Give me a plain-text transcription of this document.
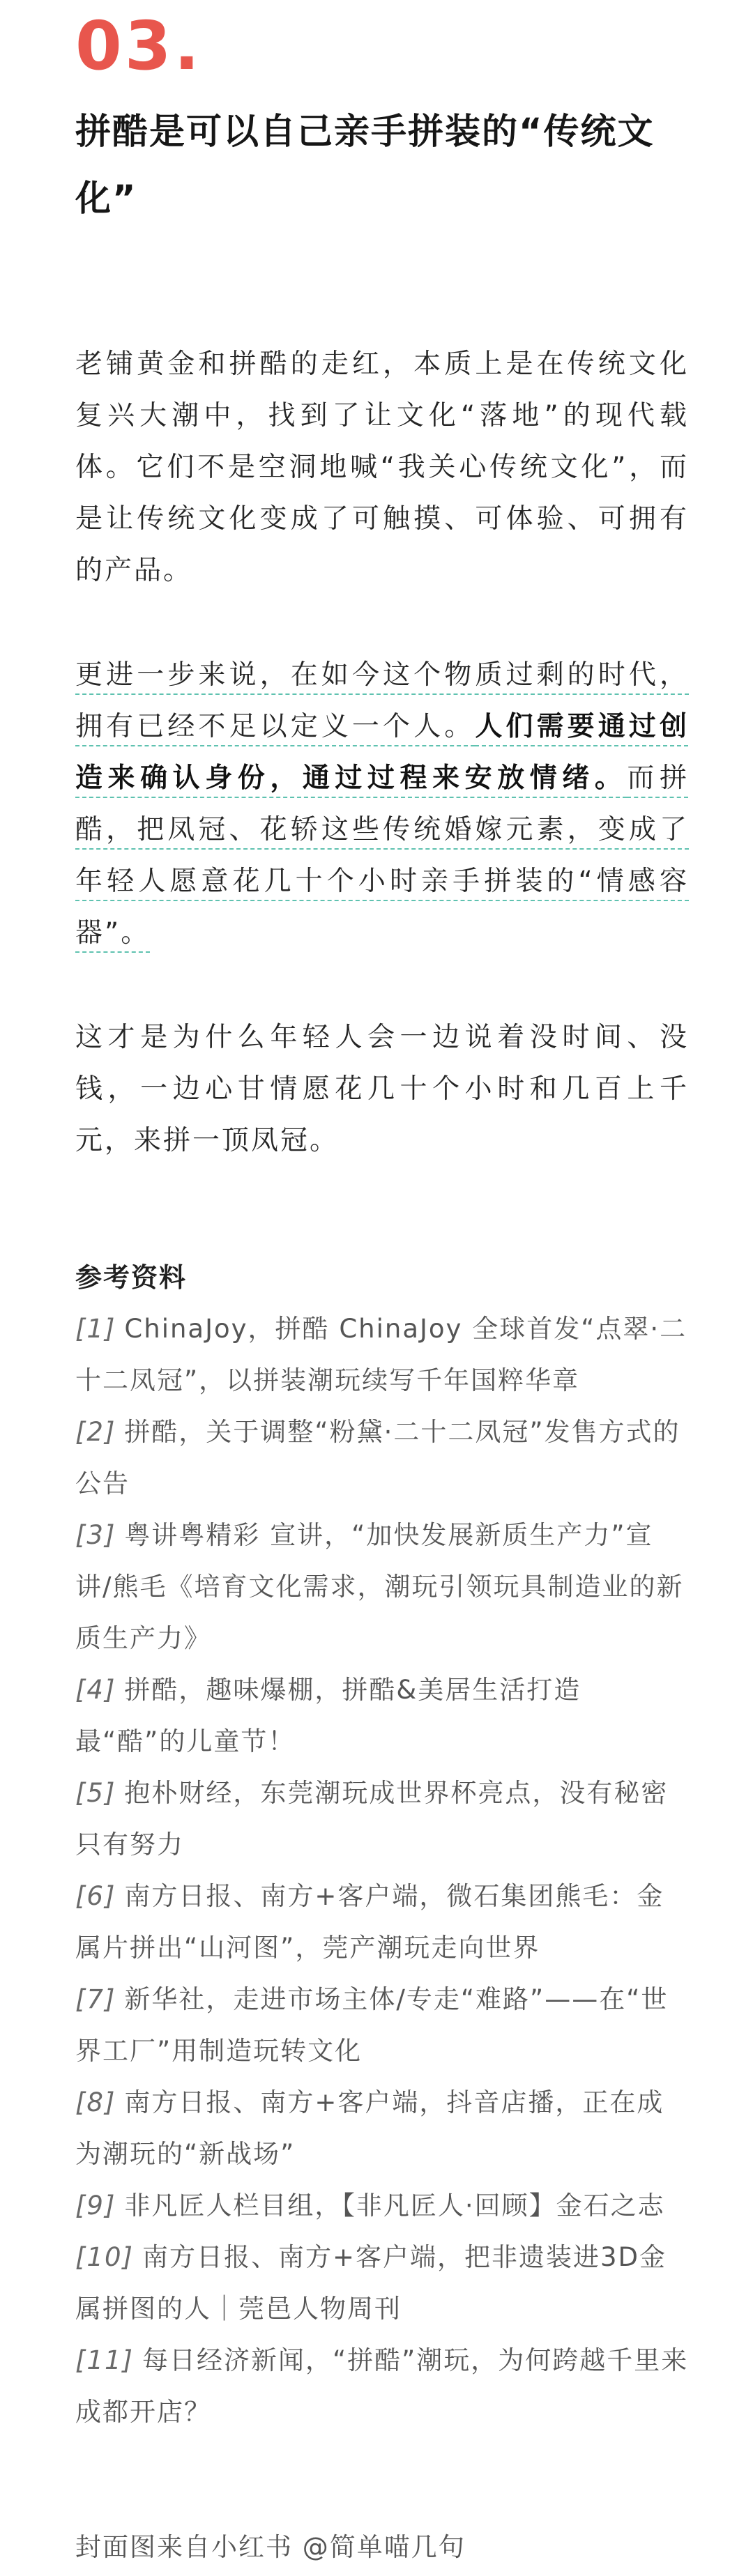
03.
拼酷是可以自己亲手拼装的“传统文化”

老铺黄金和拼酷的走红，本质上是在传统文化复兴大潮中，找到了让文化“落地”的现代载体。它们不是空洞地喊“我关心传统文化”，而是让传统文化变成了可触摸、可体验、可拥有的产品。

更进一步来说，在如今这个物质过剩的时代，拥有已经不足以定义一个人。人们需要通过创造来确认身份，通过过程来安放情绪。而拼酷，把凤冠、花轿这些传统婚嫁元素，变成了年轻人愿意花几十个小时亲手拼装的“情感容器”。

这才是为什么年轻人会一边说着没时间、没钱，一边心甘情愿花几十个小时和几百上千元，来拼一顶凤冠。

参考资料

[1] ChinaJoy，拼酷 ChinaJoy 全球首发“点翠·二十二凤冠”，以拼装潮玩续写千年国粹华章

[2] 拼酷，关于调整“粉黛·二十二凤冠”发售方式的公告

[3] 粤讲粤精彩 宣讲，“加快发展新质生产力”宣讲/熊毛《培育文化需求，潮玩引领玩具制造业的新质生产力》

[4] 拼酷，趣味爆棚，拼酷&美居生活打造最“酷”的儿童节！

[5] 抱朴财经，东莞潮玩成世界杯亮点，没有秘密只有努力

[6] 南方日报、南方+客户端，微石集团熊毛：金属片拼出“山河图”，莞产潮玩走向世界

[7] 新华社，走进市场主体/专走“难路”——在“世界工厂”用制造玩转文化

[8] 南方日报、南方+客户端，抖音店播，正在成为潮玩的“新战场”

[9] 非凡匠人栏目组，【非凡匠人·回顾】金石之志

[10] 南方日报、南方+客户端，把非遗装进3D金属拼图的人｜莞邑人物周刊

[11] 每日经济新闻，“拼酷”潮玩，为何跨越千里来成都开店？

封面图来自小红书 @简单喵几句
